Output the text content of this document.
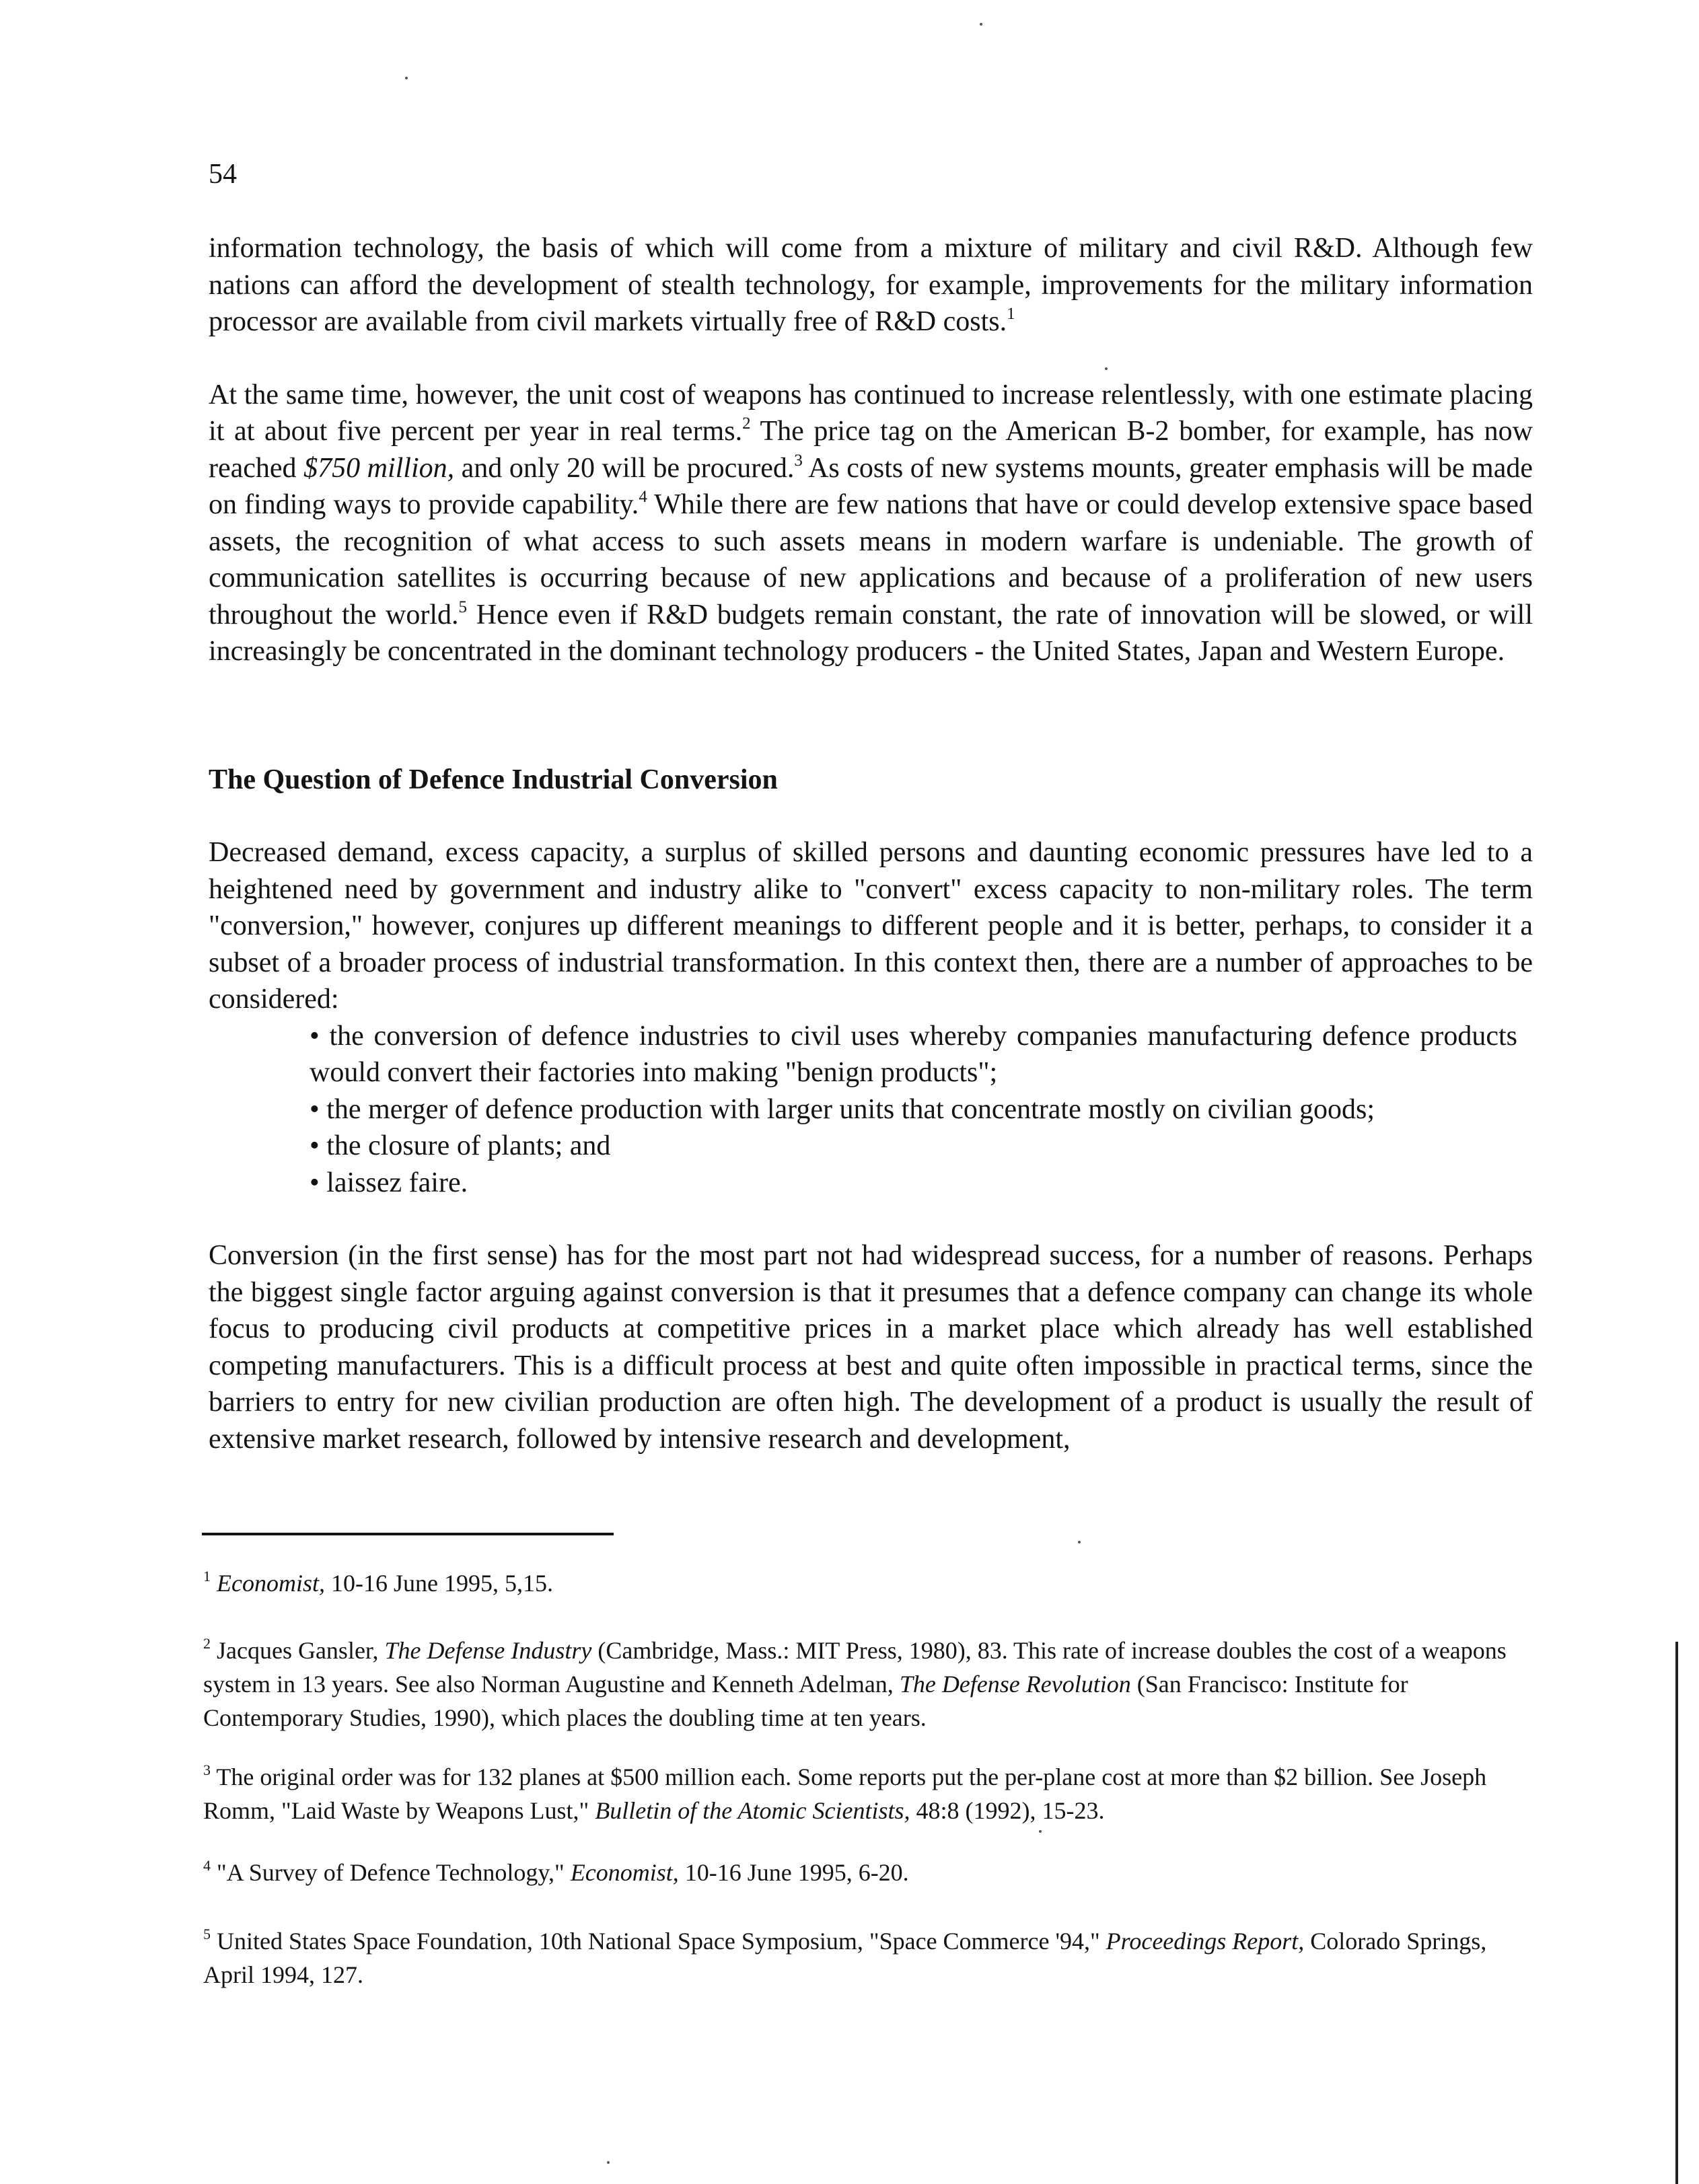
54

information technology, the basis of which will come from a mixture of military and civil R&D. Although few nations can afford the development of stealth technology, for example, improvements for the military information processor are available from civil markets virtually free of R&D costs.$^1$

At the same time, however, the unit cost of weapons has continued to increase relentlessly, with one estimate placing it at about five percent per year in real terms.$^2$ The price tag on the American B-2 bomber, for example, has now reached $750 million, and only 20 will be procured.$^3$ As costs of new systems mounts, greater emphasis will be made on finding ways to provide capability.$^4$ While there are few nations that have or could develop extensive space based assets, the recognition of what access to such assets means in modern warfare is undeniable. The growth of communication satellites is occurring because of new applications and because of a proliferation of new users throughout the world.$^5$ Hence even if R&D budgets remain constant, the rate of innovation will be slowed, or will increasingly be concentrated in the dominant technology producers - the United States, Japan and Western Europe.

The Question of Defence Industrial Conversion

Decreased demand, excess capacity, a surplus of skilled persons and daunting economic pressures have led to a heightened need by government and industry alike to "convert" excess capacity to non-military roles. The term "conversion," however, conjures up different meanings to different people and it is better, perhaps, to consider it a subset of a broader process of industrial transformation. In this context then, there are a number of approaches to be considered:

• the conversion of defence industries to civil uses whereby companies manufacturing defence products would convert their factories into making "benign products";
• the merger of defence production with larger units that concentrate mostly on civilian goods;
• the closure of plants; and
• laissez faire.

Conversion (in the first sense) has for the most part not had widespread success, for a number of reasons. Perhaps the biggest single factor arguing against conversion is that it presumes that a defence company can change its whole focus to producing civil products at competitive prices in a market place which already has well established competing manufacturers. This is a difficult process at best and quite often impossible in practical terms, since the barriers to entry for new civilian production are often high. The development of a product is usually the result of extensive market research, followed by intensive research and development,

$^1$ Economist, 10-16 June 1995, 5,15.

$^2$ Jacques Gansler, The Defense Industry (Cambridge, Mass.: MIT Press, 1980), 83. This rate of increase doubles the cost of a weapons system in 13 years. See also Norman Augustine and Kenneth Adelman, The Defense Revolution (San Francisco: Institute for Contemporary Studies, 1990), which places the doubling time at ten years.

$^3$ The original order was for 132 planes at $500 million each. Some reports put the per-plane cost at more than $2 billion. See Joseph Romm, "Laid Waste by Weapons Lust," Bulletin of the Atomic Scientists, 48:8 (1992), 15-23.

$^4$ "A Survey of Defence Technology," Economist, 10-16 June 1995, 6-20.

$^5$ United States Space Foundation, 10th National Space Symposium, "Space Commerce '94," Proceedings Report, Colorado Springs, April 1994, 127.
